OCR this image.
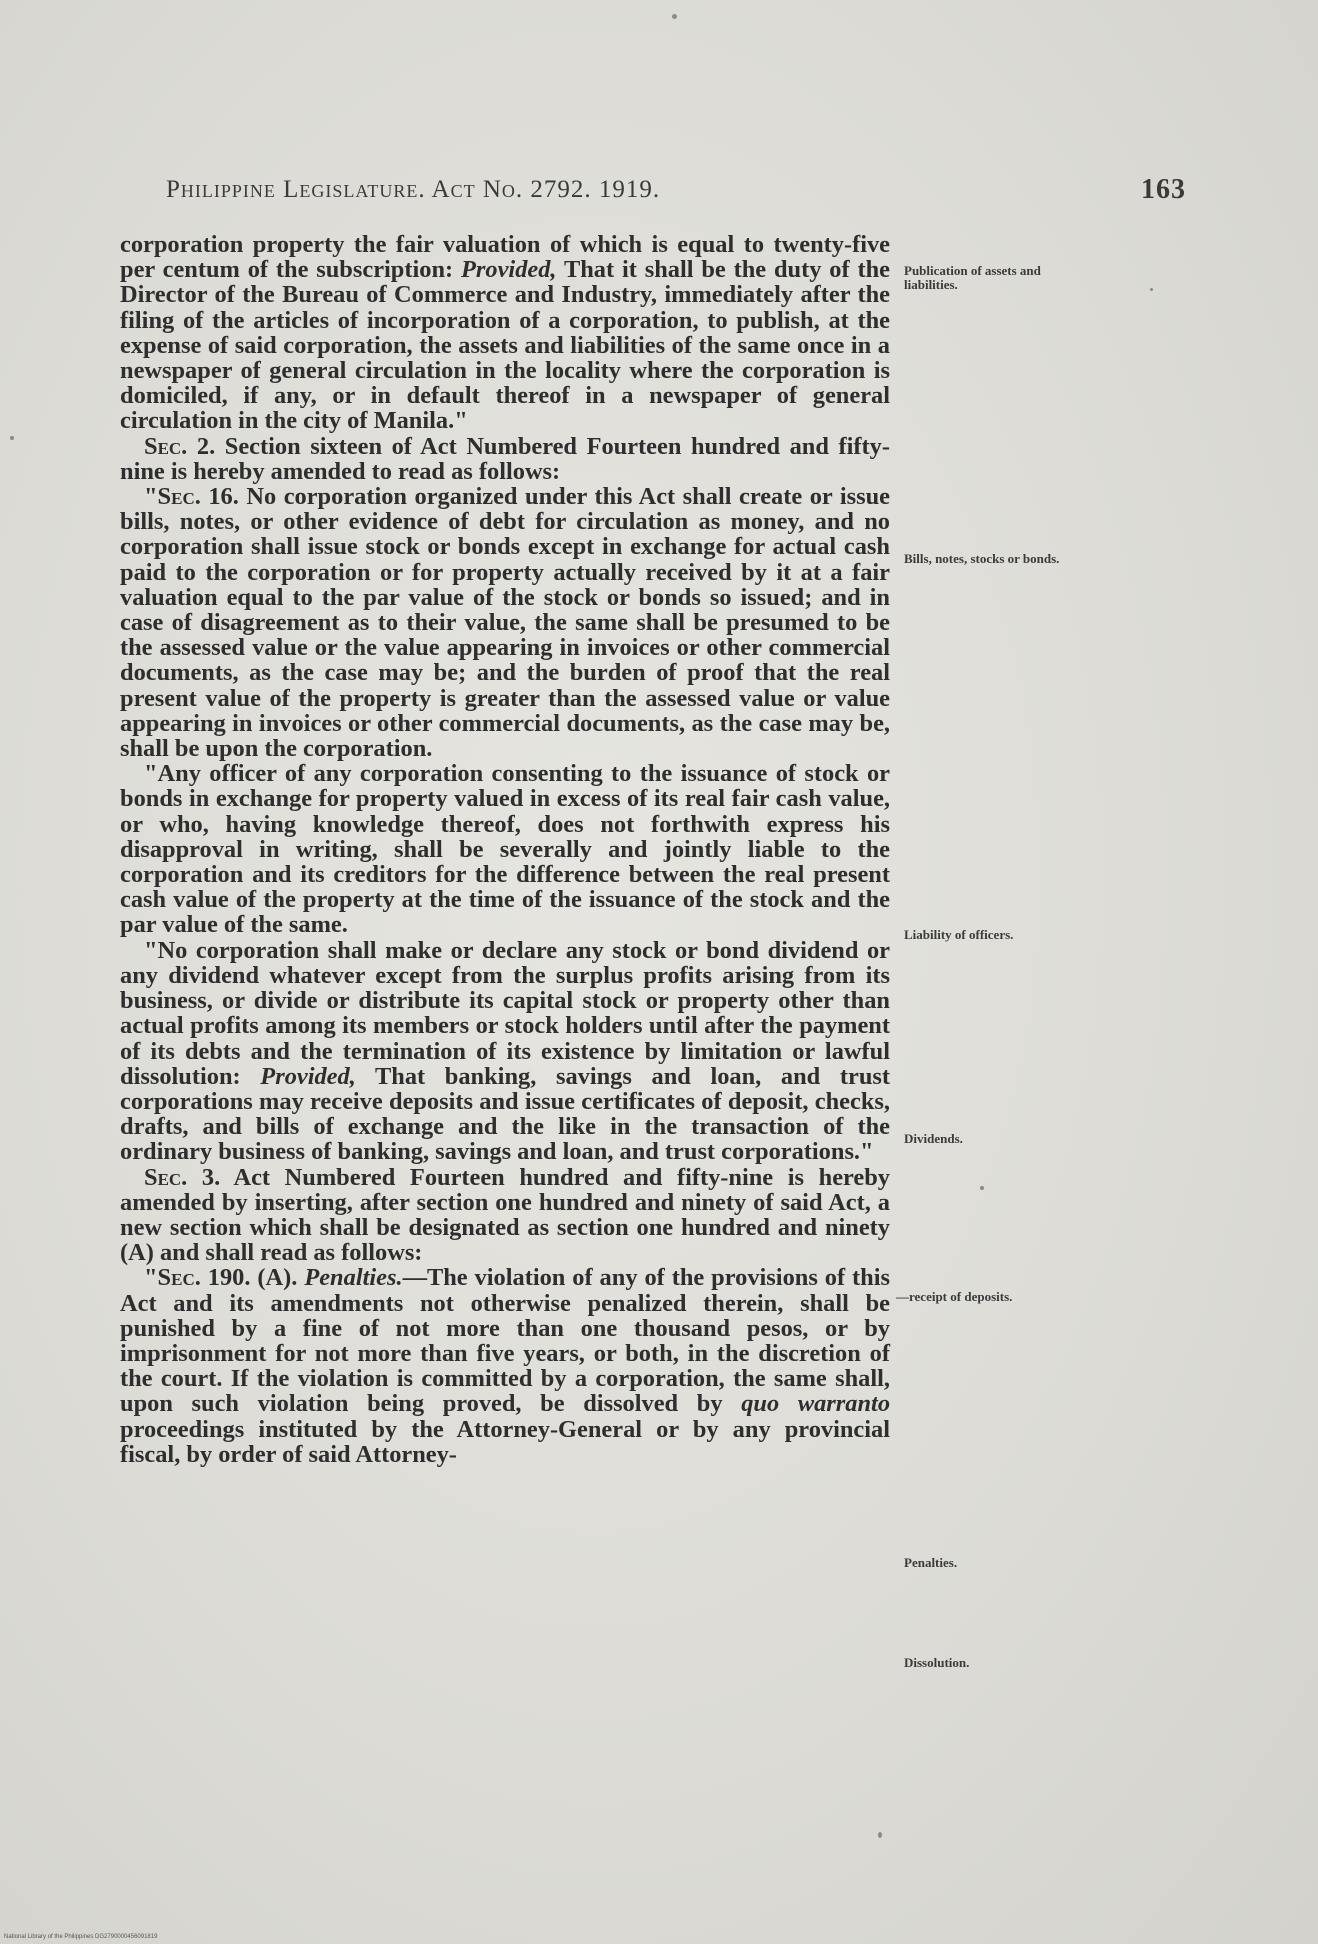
Philippine Legislature. Act No. 2792. 1919.	163

corporation property the fair valuation of which is equal to twenty-five per centum of the subscription: Provided, That it shall be the duty of the Director of the Bureau of Commerce and Industry, immediately after the filing of the articles of incorporation of a corporation, to publish, at the expense of said corporation, the assets and liabilities of the same once in a newspaper of general circulation in the locality where the corporation is domiciled, if any, or in default thereof in a newspaper of general circulation in the city of Manila."

Sec. 2. Section sixteen of Act Numbered Fourteen hundred and fifty-nine is hereby amended to read as follows:

"Sec. 16. No corporation organized under this Act shall create or issue bills, notes, or other evidence of debt for circulation as money, and no corporation shall issue stock or bonds except in exchange for actual cash paid to the corporation or for property actually received by it at a fair valuation equal to the par value of the stock or bonds so issued; and in case of disagreement as to their value, the same shall be presumed to be the assessed value or the value appearing in invoices or other commercial documents, as the case may be; and the burden of proof that the real present value of the property is greater than the assessed value or value appearing in invoices or other commercial documents, as the case may be, shall be upon the corporation.

"Any officer of any corporation consenting to the issuance of stock or bonds in exchange for property valued in excess of its real fair cash value, or who, having knowledge thereof, does not forthwith express his disapproval in writing, shall be severally and jointly liable to the corporation and its creditors for the difference between the real present cash value of the property at the time of the issuance of the stock and the par value of the same.

"No corporation shall make or declare any stock or bond dividend or any dividend whatever except from the surplus profits arising from its business, or divide or distribute its capital stock or property other than actual profits among its members or stock holders until after the payment of its debts and the termination of its existence by limitation or lawful dissolution: Provided, That banking, savings and loan, and trust corporations may receive deposits and issue certificates of deposit, checks, drafts, and bills of exchange and the like in the transaction of the ordinary business of banking, savings and loan, and trust corporations."

Sec. 3. Act Numbered Fourteen hundred and fifty-nine is hereby amended by inserting, after section one hundred and ninety of said Act, a new section which shall be designated as section one hundred and ninety (A) and shall read as follows:

"Sec. 190. (A). Penalties.—The violation of any of the provisions of this Act and its amendments not otherwise penalized therein, shall be punished by a fine of not more than one thousand pesos, or by imprisonment for not more than five years, or both, in the discretion of the court. If the violation is committed by a corporation, the same shall, upon such violation being proved, be dissolved by quo warranto proceedings instituted by the Attorney-General or by any provincial fiscal, by order of said Attorney-

Publication of assets and liabilities.
Bills, notes, stocks or bonds.
Liability of officers.
Dividends.
—receipt of deposits.
Penalties.
Dissolution.
National Library of the Philippines DG2790000456091819
